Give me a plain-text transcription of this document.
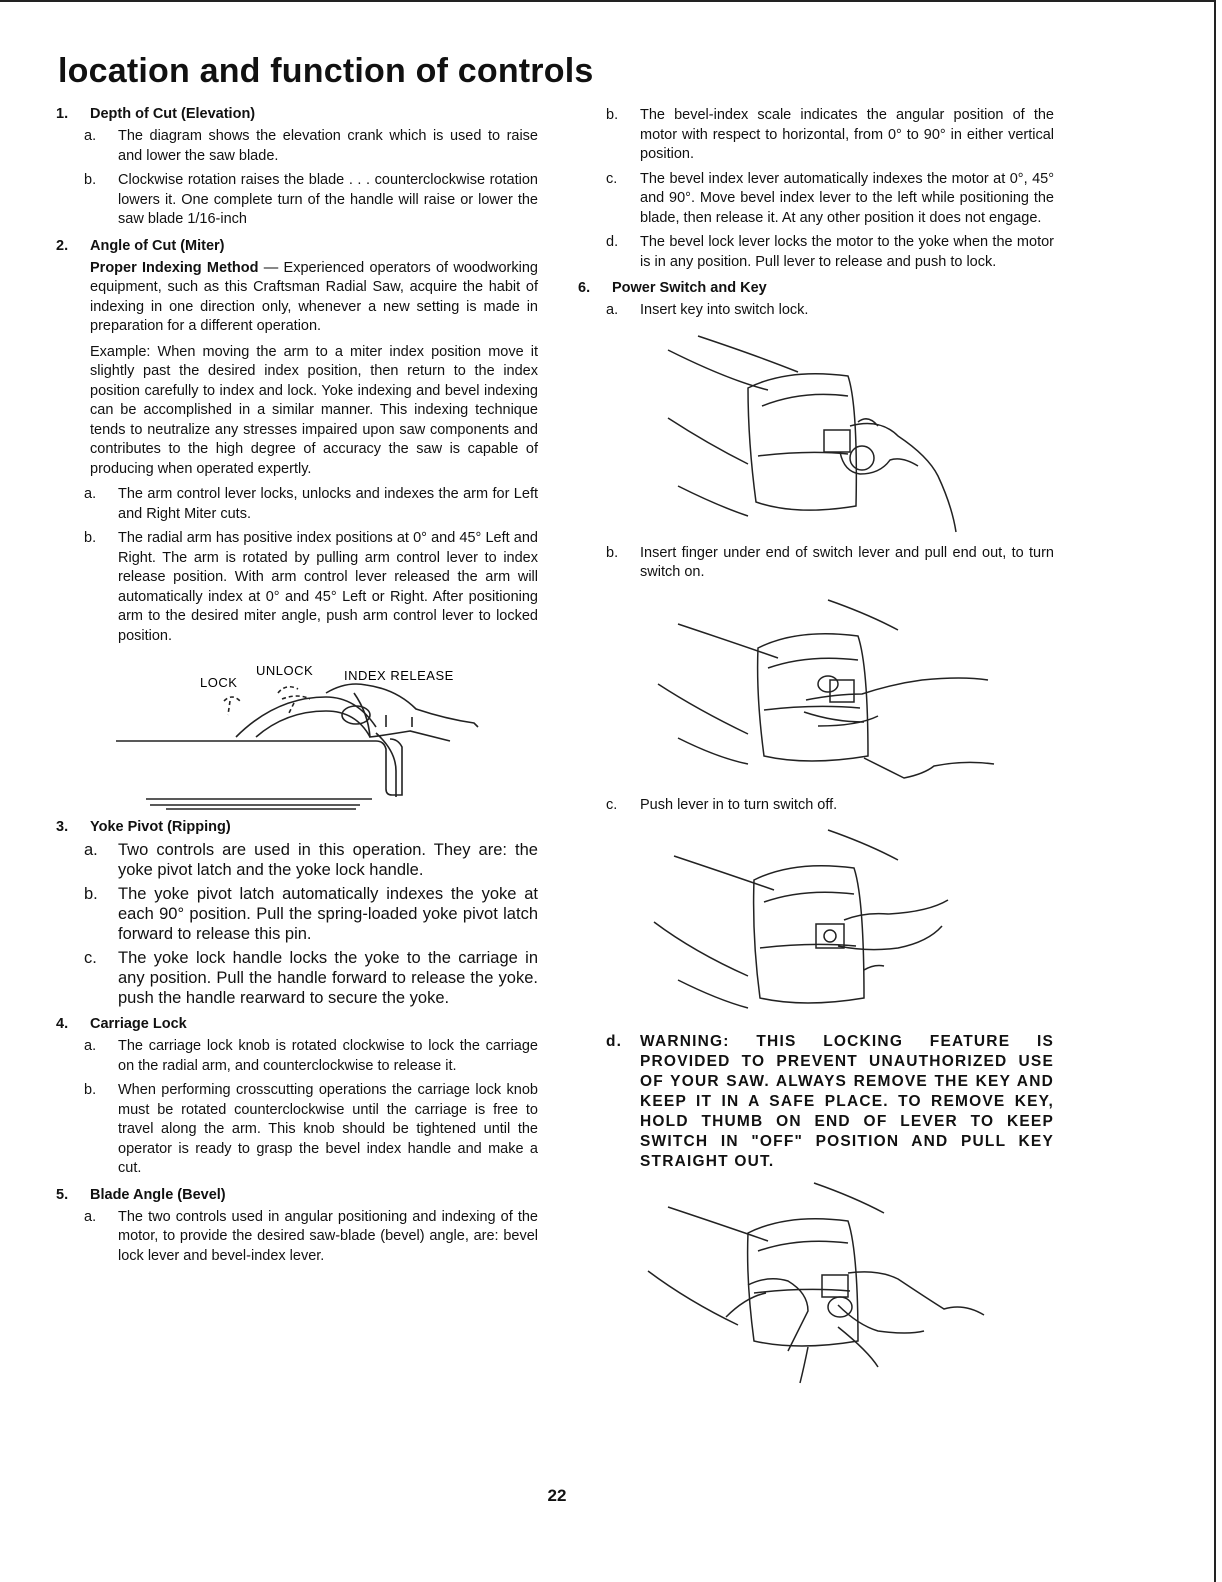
location and function of controls
1.	Depth of Cut (Elevation)
a.	The diagram shows the elevation crank which is used to raise and lower the saw blade.
b.	Clockwise rotation raises the blade . . . counterclockwise rotation lowers it. One complete turn of the handle will raise or lower the saw blade 1/16-inch
2.	Angle of Cut (Miter)

Proper Indexing Method — Experienced operators of woodworking equipment, such as this Craftsman Radial Saw, acquire the habit of indexing in one direction only, whenever a new setting is made in preparation for a different operation.

Example: When moving the arm to a miter index position move it slightly past the desired index position, then return to the index position carefully to index and lock. Yoke indexing and bevel indexing can be accomplished in a similar manner. This indexing technique tends to neutralize any stresses impaired upon saw components and contributes to the high degree of accuracy the saw is capable of producing when operated expertly.

a.	The arm control lever locks, unlocks and indexes the arm for Left and Right Miter cuts.
b.	The radial arm has positive index positions at 0° and 45° Left and Right. The arm is rotated by pulling arm control lever to index release position. With arm control lever released the arm will automatically index at 0° and 45° Left or Right. After positioning arm to the desired miter angle, push arm control lever to locked position.
UNLOCK
LOCK	INDEX RELEASE
3.	Yoke Pivot (Ripping)
a.	Two controls are used in this operation. They are: the yoke pivot latch and the yoke lock handle.
b.	The yoke pivot latch automatically indexes the yoke at each 90° position. Pull the spring-loaded yoke pivot latch forward to release this pin.
c.	The yoke lock handle locks the yoke to the carriage in any position. Pull the handle forward to release the yoke. push the handle rearward to secure the yoke.
4.	Carriage Lock
a.	The carriage lock knob is rotated clockwise to lock the carriage on the radial arm, and counterclockwise to release it.
b.	When performing crosscutting operations the carriage lock knob must be rotated counterclockwise until the carriage is free to travel along the arm. This knob should be tightened until the operator is ready to grasp the bevel index handle and make a cut.
5.	Blade Angle (Bevel)
a.	The two controls used in angular positioning and indexing of the motor, to provide the desired saw-blade (bevel) angle, are: bevel lock lever and bevel-index lever.
b.	The bevel-index scale indicates the angular position of the motor with respect to horizontal, from 0° to 90° in either vertical position.
c.	The bevel index lever automatically indexes the motor at 0°, 45° and 90°. Move bevel index lever to the left while positioning the blade, then release it. At any other position it does not engage.
d.	The bevel lock lever locks the motor to the yoke when the motor is in any position. Pull lever to release and push to lock.
6.	Power Switch and Key
a.	Insert key into switch lock.
b.	Insert finger under end of switch lever and pull end out, to turn switch on.
c.	Push lever in to turn switch off.
d.	WARNING: THIS LOCKING FEATURE IS PROVIDED TO PREVENT UNAUTHORIZED USE OF YOUR SAW. ALWAYS REMOVE THE KEY AND KEEP IT IN A SAFE PLACE. TO REMOVE KEY, HOLD THUMB ON END OF LEVER TO KEEP SWITCH IN "OFF" POSITION AND PULL KEY STRAIGHT OUT.
22
